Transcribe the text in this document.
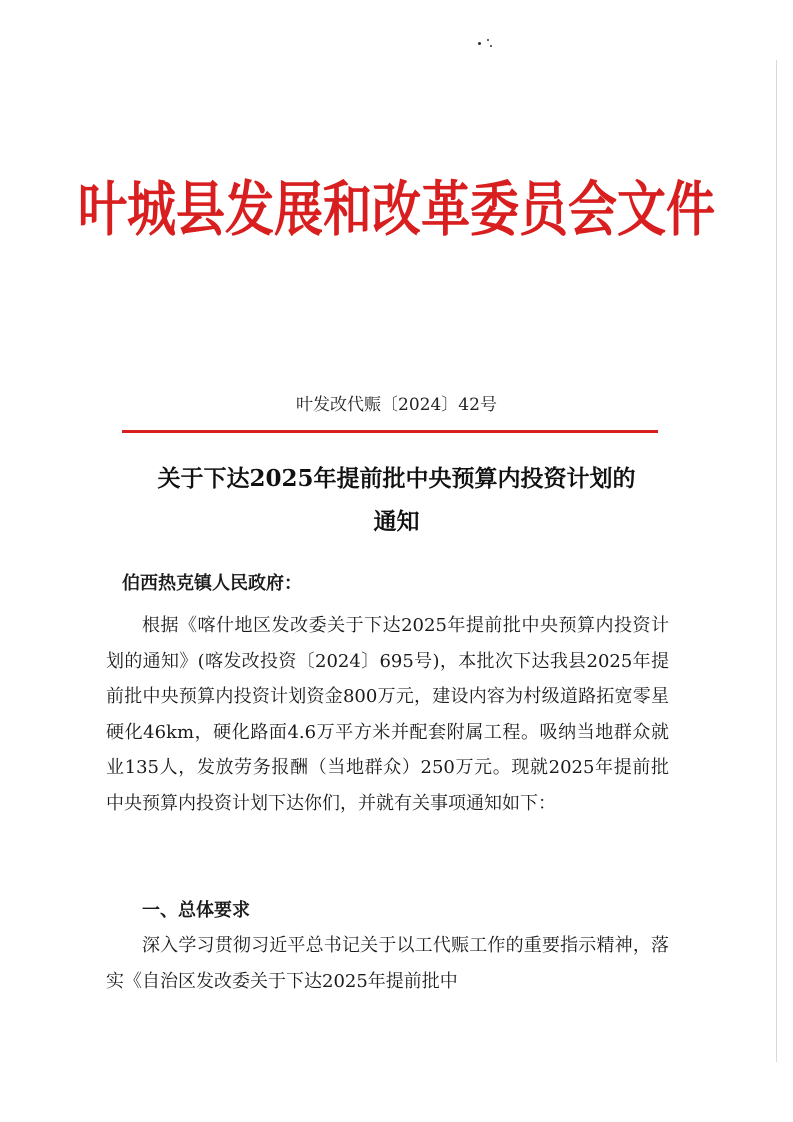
叶城县发展和改革委员会文件
叶发改代赈〔2024〕42号
关于下达2025年提前批中央预算内投资计划的
通知
伯西热克镇人民政府：
根据《喀什地区发改委关于下达2025年提前批中央预算内投资计划的通知》(喀发改投资〔2024〕695号)，本批次下达我县2025年提前批中央预算内投资计划资金800万元，建设内容为村级道路拓宽零星硬化46km，硬化路面4.6万平方米并配套附属工程。吸纳当地群众就业135人，发放劳务报酬（当地群众）250万元。现就2025年提前批中央预算内投资计划下达你们，并就有关事项通知如下：
一、总体要求
深入学习贯彻习近平总书记关于以工代赈工作的重要指示精神，落实《自治区发改委关于下达2025年提前批中
